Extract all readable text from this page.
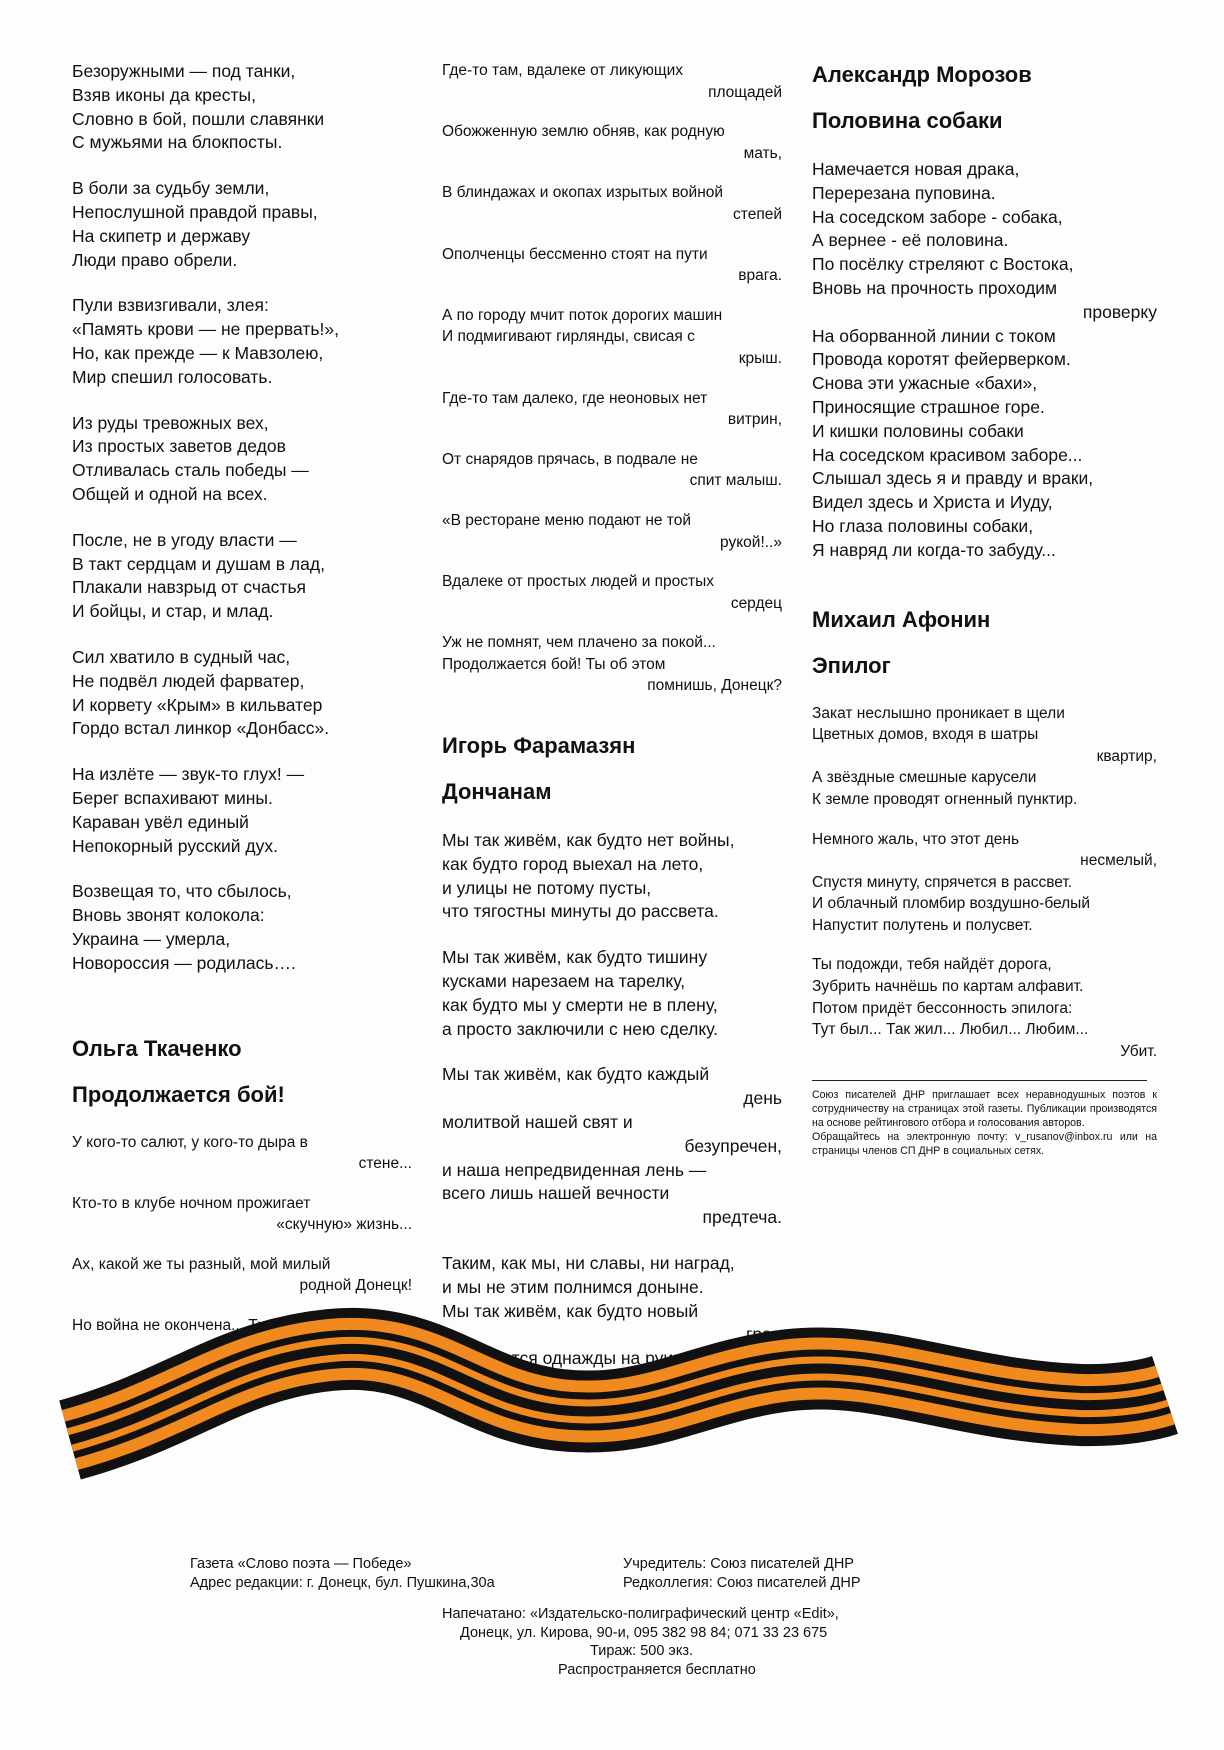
Безоружными — под танки,
Взяв иконы да кресты,
Словно в бой, пошли славянки
С мужьями на блокпосты.
В боли за судьбу земли,
Непослушной правдой правы,
На скипетр и державу
Люди право обрели.
Пули взвизгивали, злея:
«Память крови — не прервать!»,
Но, как прежде — к Мавзолею,
Мир спешил голосовать.
Из руды тревожных вех,
Из простых заветов дедов
Отливалась сталь победы —
Общей и одной на всех.
После, не в угоду власти —
В такт сердцам и душам в лад,
Плакали навзрыд от счастья
И бойцы, и стар, и млад.
Сил хватило в судный час,
Не подвёл людей фарватер,
И корвету «Крым» в кильватер
Гордо встал линкор «Донбасс».
На излёте — звук-то глух! —
Берег вспахивают мины.
Караван увёл единый
Непокорный русский дух.
Возвещая то, что сбылось,
Вновь звонят колокола:
Украина — умерла,
Новороссия — родилась….
Ольга Ткаченко
Продолжается бой!
У кого-то салют, у кого-то дыра в
стене...
Кто-то в клубе ночном прожигает
«скучную» жизнь...
Ах, какой же ты разный, мой милый
родной Донецк!
Но война не окончена... Ты ещё не
забыл?
Где-то там, вдалеке от ликующих
площадей
Обожженную землю обняв, как родную
мать,
В блиндажах и окопах изрытых войной
степей
Ополченцы бессменно стоят на пути
врага.
А по городу мчит поток дорогих машин
И подмигивают гирлянды, свисая с
крыш.
Где-то там далеко, где неоновых нет
витрин,
От снарядов прячась, в подвале не
спит малыш.
«В ресторане меню подают не той
рукой!..»
Вдалеке от простых людей и простых
сердец
Уж не помнят, чем плачено за покой...
Продолжается бой! Ты об этом
помнишь, Донецк?
Игорь Фарамазян
Дончанам
Мы так живём, как будто нет войны,
как будто город выехал на лето,
и улицы не потому пусты,
что тягостны минуты до рассвета.
Мы так живём, как будто тишину
кусками нарезаем на тарелку,
как будто мы у смерти не в плену,
а просто заключили с нею сделку.
Мы так живём, как будто каждый
день
молитвой нашей свят и
безупречен,
и наша непредвиденная лень —
всего лишь нашей вечности
предтеча.
Таким, как мы, ни славы, ни наград,
и мы не этим полнимся доныне.
Мы так живём, как будто новый
град
поднимется однажды на руине.
Александр Морозов
Половина собаки
Намечается новая драка,
Перерезана пуповина.
На соседском заборе - собака,
А вернее - её половина.
По посёлку стреляют с Востока,
Вновь на прочность проходим
проверку
На оборванной линии с током
Провода коротят фейерверком.
Снова эти ужасные «бахи»,
Приносящие страшное горе.
И кишки половины собаки
На соседском красивом заборе...
Слышал здесь я и правду и враки,
Видел здесь и Христа и Иуду,
Но глаза половины собаки,
Я навряд ли когда-то забуду...
Михаил Афонин
Эпилог
Закат неслышно проникает в щели
Цветных домов, входя в шатры
квартир,
А звёздные смешные карусели
К земле проводят огненный пунктир.
Немного жаль, что этот день
несмелый,
Спустя минуту, спрячется в рассвет.
И облачный пломбир воздушно-белый
Напустит полутень и полусвет.
Ты подожди, тебя найдёт дорога,
Зубрить начнёшь по картам алфавит.
Потом придёт бессонность эпилога:
Тут был... Так жил... Любил... Любим...
Убит.
Союз писателей ДНР приглашает всех неравнодушных поэтов к сотрудничеству на страницах этой газеты. Публикации производятся на основе рейтингового отбора и голосования авторов.
Обращайтесь на электронную почту: v_rusanov@inbox.ru или на страницы членов СП ДНР в социальных сетях.
Газета «Слово поэта — Победе»
Адрес редакции: г. Донецк, бул. Пушкина,30а
Учредитель: Союз писателей ДНР
Редколлегия: Союз писателей ДНР
Напечатано: «Издательско-полиграфический центр «Edit»,
Донецк, ул. Кирова, 90-и, 095 382 98 84; 071 33 23 675
Тираж: 500 экз.
Распространяется бесплатно
